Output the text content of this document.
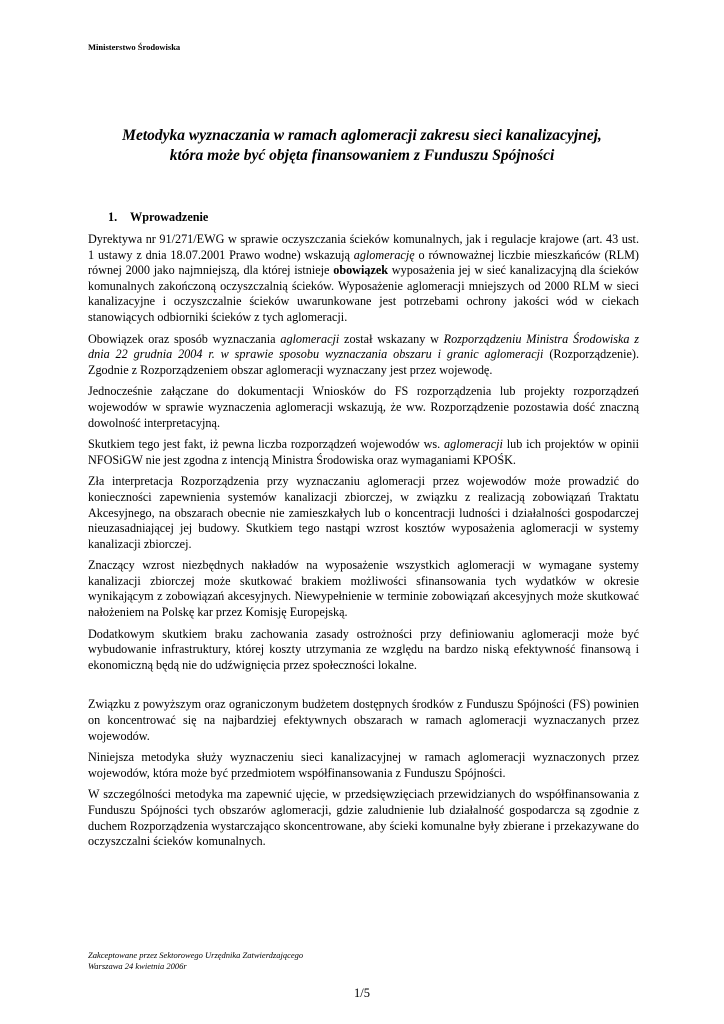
Ministerstwo Środowiska
Metodyka wyznaczania w ramach aglomeracji zakresu sieci kanalizacyjnej,
która może być objęta finansowaniem z Funduszu Spójności
1. Wprowadzenie

Dyrektywa nr 91/271/EWG w sprawie oczyszczania ścieków komunalnych, jak i regulacje krajowe (art. 43 ust. 1 ustawy z dnia 18.07.2001 Prawo wodne) wskazują aglomerację o równoważnej liczbie mieszkańców (RLM) równej 2000 jako najmniejszą, dla której istnieje obowiązek wyposażenia jej w sieć kanalizacyjną dla ścieków komunalnych zakończoną oczyszczalnią ścieków. Wyposażenie aglomeracji mniejszych od 2000 RLM w sieci kanalizacyjne i oczyszczalnie ścieków uwarunkowane jest potrzebami ochrony jakości wód w ciekach stanowiących odbiorniki ścieków z tych aglomeracji.

Obowiązek oraz sposób wyznaczania aglomeracji został wskazany w Rozporządzeniu Ministra Środowiska z dnia 22 grudnia 2004 r. w sprawie sposobu wyznaczania obszaru i granic aglomeracji (Rozporządzenie). Zgodnie z Rozporządzeniem obszar aglomeracji wyznaczany jest przez wojewodę.

Jednocześnie załączane do dokumentacji Wniosków do FS rozporządzenia lub projekty rozporządzeń wojewodów w sprawie wyznaczenia aglomeracji wskazują, że ww. Rozporządzenie pozostawia dość znaczną dowolność interpretacyjną.

Skutkiem tego jest fakt, iż pewna liczba rozporządzeń wojewodów ws. aglomeracji lub ich projektów w opinii NFOSiGW nie jest zgodna z intencją Ministra Środowiska oraz wymaganiami KPOŚK.

Zła interpretacja Rozporządzenia przy wyznaczaniu aglomeracji przez wojewodów może prowadzić do konieczności zapewnienia systemów kanalizacji zbiorczej, w związku z realizacją zobowiązań Traktatu Akcesyjnego, na obszarach obecnie nie zamieszkałych lub o koncentracji ludności i działalności gospodarczej nieuzasadniającej jej budowy. Skutkiem tego nastąpi wzrost kosztów wyposażenia aglomeracji w systemy kanalizacji zbiorczej.

Znaczący wzrost niezbędnych nakładów na wyposażenie wszystkich aglomeracji w wymagane systemy kanalizacji zbiorczej może skutkować brakiem możliwości sfinansowania tych wydatków w okresie wynikającym z zobowiązań akcesyjnych. Niewypełnienie w terminie zobowiązań akcesyjnych może skutkować nałożeniem na Polskę kar przez Komisję Europejską.

Dodatkowym skutkiem braku zachowania zasady ostrożności przy definiowaniu aglomeracji może być wybudowanie infrastruktury, której koszty utrzymania ze względu na bardzo niską efektywność finansową i ekonomiczną będą nie do udźwignięcia przez społeczności lokalne.

Związku z powyższym oraz ograniczonym budżetem dostępnych środków z Funduszu Spójności (FS) powinien on koncentrować się na najbardziej efektywnych obszarach w ramach aglomeracji wyznaczanych przez wojewodów.

Niniejsza metodyka służy wyznaczeniu sieci kanalizacyjnej w ramach aglomeracji wyznaczonych przez wojewodów, która może być przedmiotem współfinansowania z Funduszu Spójności.

W szczególności metodyka ma zapewnić ujęcie, w przedsięwzięciach przewidzianych do współfinansowania z Funduszu Spójności tych obszarów aglomeracji, gdzie zaludnienie lub działalność gospodarcza są zgodnie z duchem Rozporządzenia wystarczająco skoncentrowane, aby ścieki komunalne były zbierane i przekazywane do oczyszczalni ścieków komunalnych.

Zakceptowane przez Sektorowego Urzędnika Zatwierdzającego
Warszawa 24 kwietnia 2006r
1/5
